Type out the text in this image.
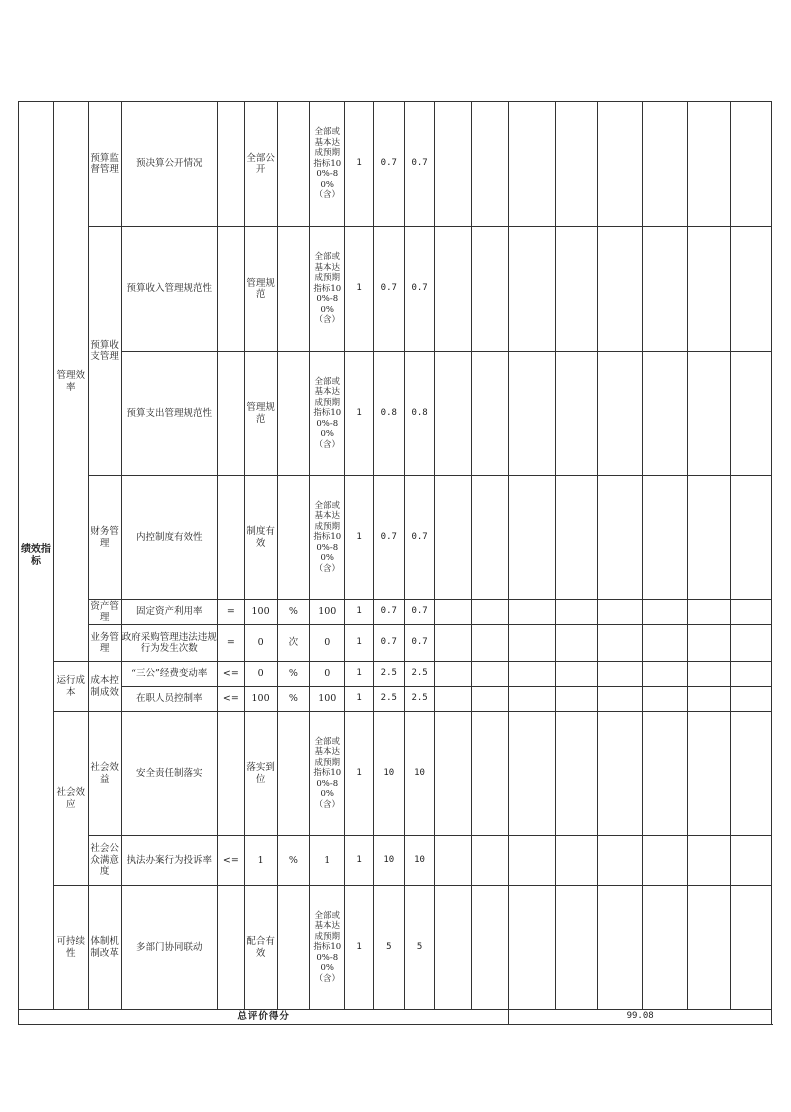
绩效指标	管理效率	预算监督管理	预决算公开情况		全部公开		全部或基本达成预期指标100%-80%（含）	1	0.7	0.7								
		预算收支管理	预算收入管理规范性		管理规范		全部或基本达成预期指标100%-80%（含）	1	0.7	0.7								
			预算支出管理规范性		管理规范		全部或基本达成预期指标100%-80%（含）	1	0.8	0.8								
		财务管理	内控制度有效性		制度有效		全部或基本达成预期指标100%-80%（含）	1	0.7	0.7								
		资产管理	固定资产利用率	=	100	%	100	1	0.7	0.7								
		业务管理	政府采购管理违法违规行为发生次数	=	0	次	0	1	0.7	0.7								
	运行成本	成本控制成效	“三公”经费变动率	<=	0	%	0	1	2.5	2.5								
			在职人员控制率	<=	100	%	100	1	2.5	2.5								
	社会效应	社会效益	安全责任制落实		落实到位		全部或基本达成预期指标100%-80%（含）	1	10	10								
		社会公众满意度	执法办案行为投诉率	<=	1	%	1	1	10	10								
	可持续性	体制机制改革	多部门协同联动		配合有效		全部或基本达成预期指标100%-80%（含）	1	5	5								
总评价得分													99.08					
